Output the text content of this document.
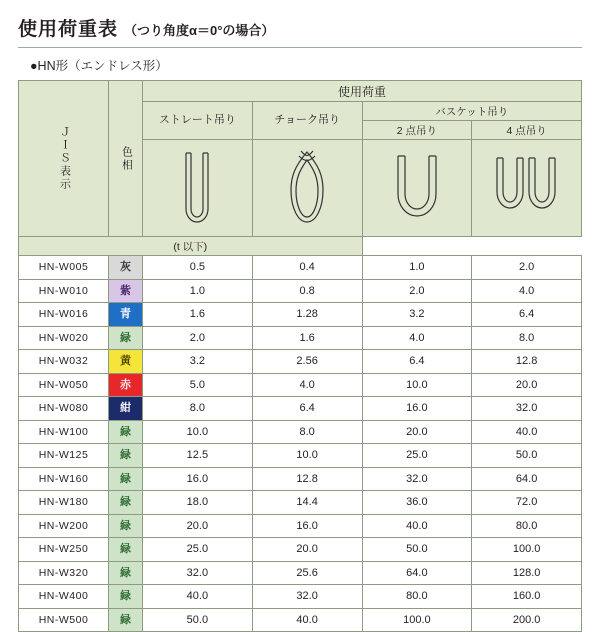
使用荷重表 （つり角度α＝0°の場合）
●HN形（エンドレス形）
ＪＩＳ表示	色相	使用荷重			
		ストレート吊り	チョーク吊り	バスケット吊り	
				2 点吊り	4 点吊り

(t 以下)					
HN-W005	灰	0.5	0.4	1.0	2.0
HN-W010	紫	1.0	0.8	2.0	4.0
HN-W016	青	1.6	1.28	3.2	6.4
HN-W020	緑	2.0	1.6	4.0	8.0
HN-W032	黄	3.2	2.56	6.4	12.8
HN-W050	赤	5.0	4.0	10.0	20.0
HN-W080	紺	8.0	6.4	16.0	32.0
HN-W100	緑	10.0	8.0	20.0	40.0
HN-W125	緑	12.5	10.0	25.0	50.0
HN-W160	緑	16.0	12.8	32.0	64.0
HN-W180	緑	18.0	14.4	36.0	72.0
HN-W200	緑	20.0	16.0	40.0	80.0
HN-W250	緑	25.0	20.0	50.0	100.0
HN-W320	緑	32.0	25.6	64.0	128.0
HN-W400	緑	40.0	32.0	80.0	160.0
HN-W500	緑	50.0	40.0	100.0	200.0
